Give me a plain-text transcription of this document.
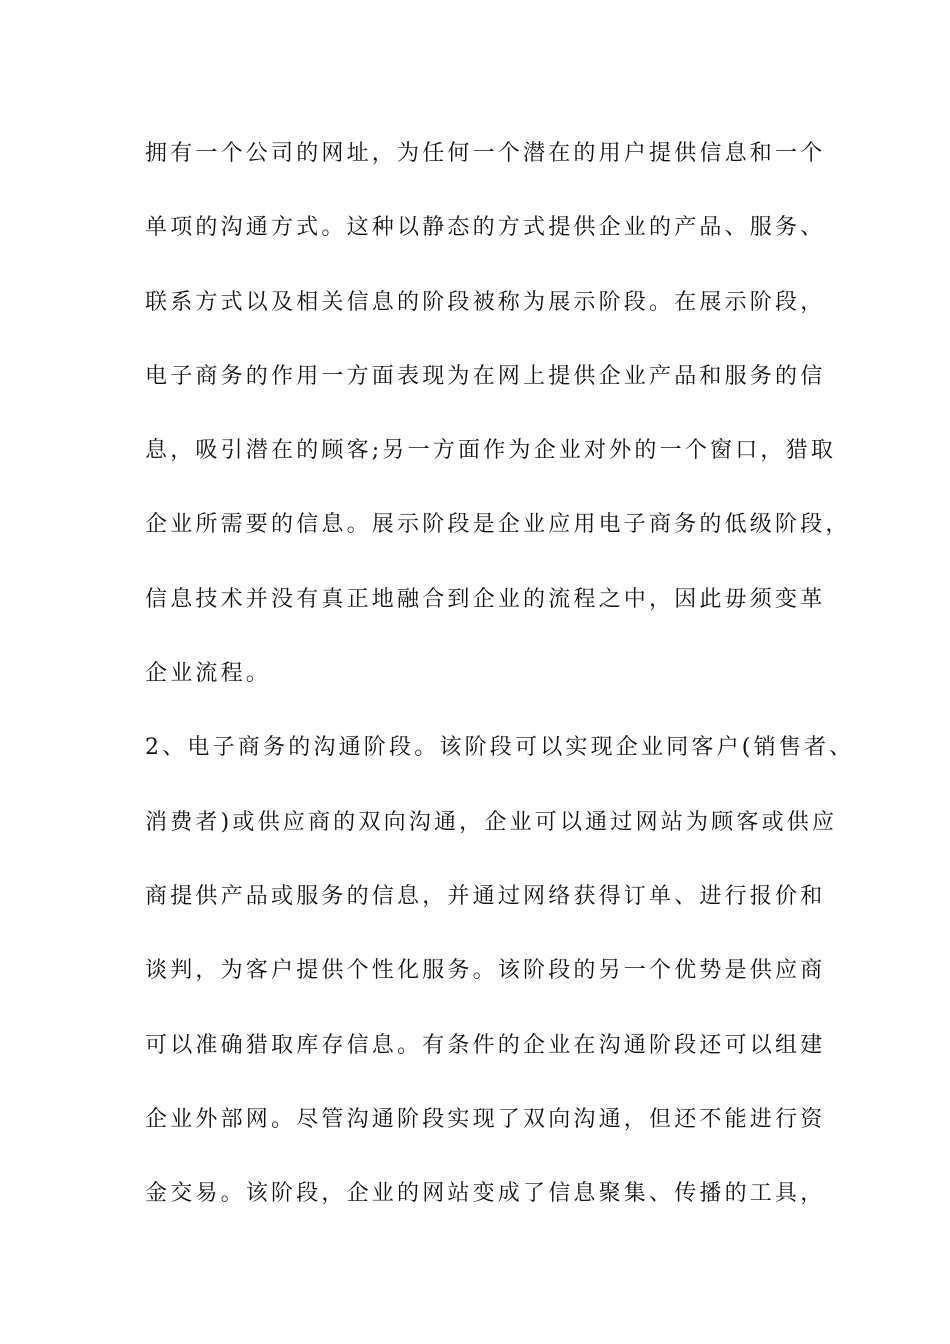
拥有一个公司的网址，为任何一个潜在的用户提供信息和一个
单项的沟通方式。这种以静态的方式提供企业的产品、服务、
联系方式以及相关信息的阶段被称为展示阶段。在展示阶段，
电子商务的作用一方面表现为在网上提供企业产品和服务的信
息，吸引潜在的顾客;另一方面作为企业对外的一个窗口，猎取
企业所需要的信息。展示阶段是企业应用电子商务的低级阶段，
信息技术并没有真正地融合到企业的流程之中，因此毋须变革
企业流程。
2、电子商务的沟通阶段。该阶段可以实现企业同客户(销售者、
消费者)或供应商的双向沟通，企业可以通过网站为顾客或供应
商提供产品或服务的信息，并通过网络获得订单、进行报价和
谈判，为客户提供个性化服务。该阶段的另一个优势是供应商
可以准确猎取库存信息。有条件的企业在沟通阶段还可以组建
企业外部网。尽管沟通阶段实现了双向沟通，但还不能进行资
金交易。该阶段，企业的网站变成了信息聚集、传播的工具，
